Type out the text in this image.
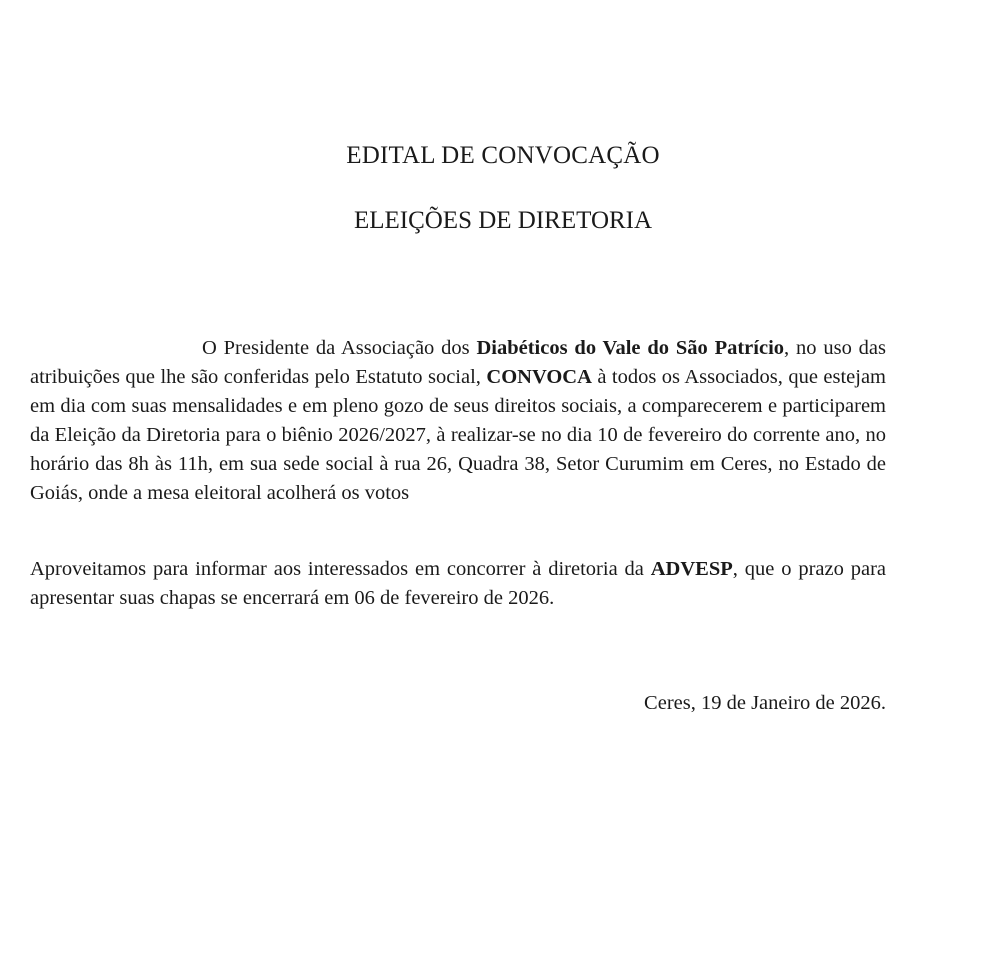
EDITAL DE CONVOCAÇÃO
ELEIÇÕES DE DIRETORIA
O Presidente da Associação dos Diabéticos do Vale do São Patrício, no uso das atribuições que lhe são conferidas pelo Estatuto social, CONVOCA à todos os Associados, que estejam em dia com suas mensalidades e em pleno gozo de seus direitos sociais, a comparecerem e participarem da Eleição da Diretoria para o biênio 2026/2027, à realizar-se no dia 10 de fevereiro do corrente ano, no horário das 8h às 11h, em sua sede social à rua 26, Quadra 38, Setor Curumim em Ceres, no Estado de Goiás, onde a mesa eleitoral acolherá os votos
Aproveitamos para informar aos interessados em concorrer à diretoria da ADVESP, que o prazo para apresentar suas chapas se encerrará em 06 de fevereiro de 2026.
Ceres, 19 de Janeiro de 2026.
